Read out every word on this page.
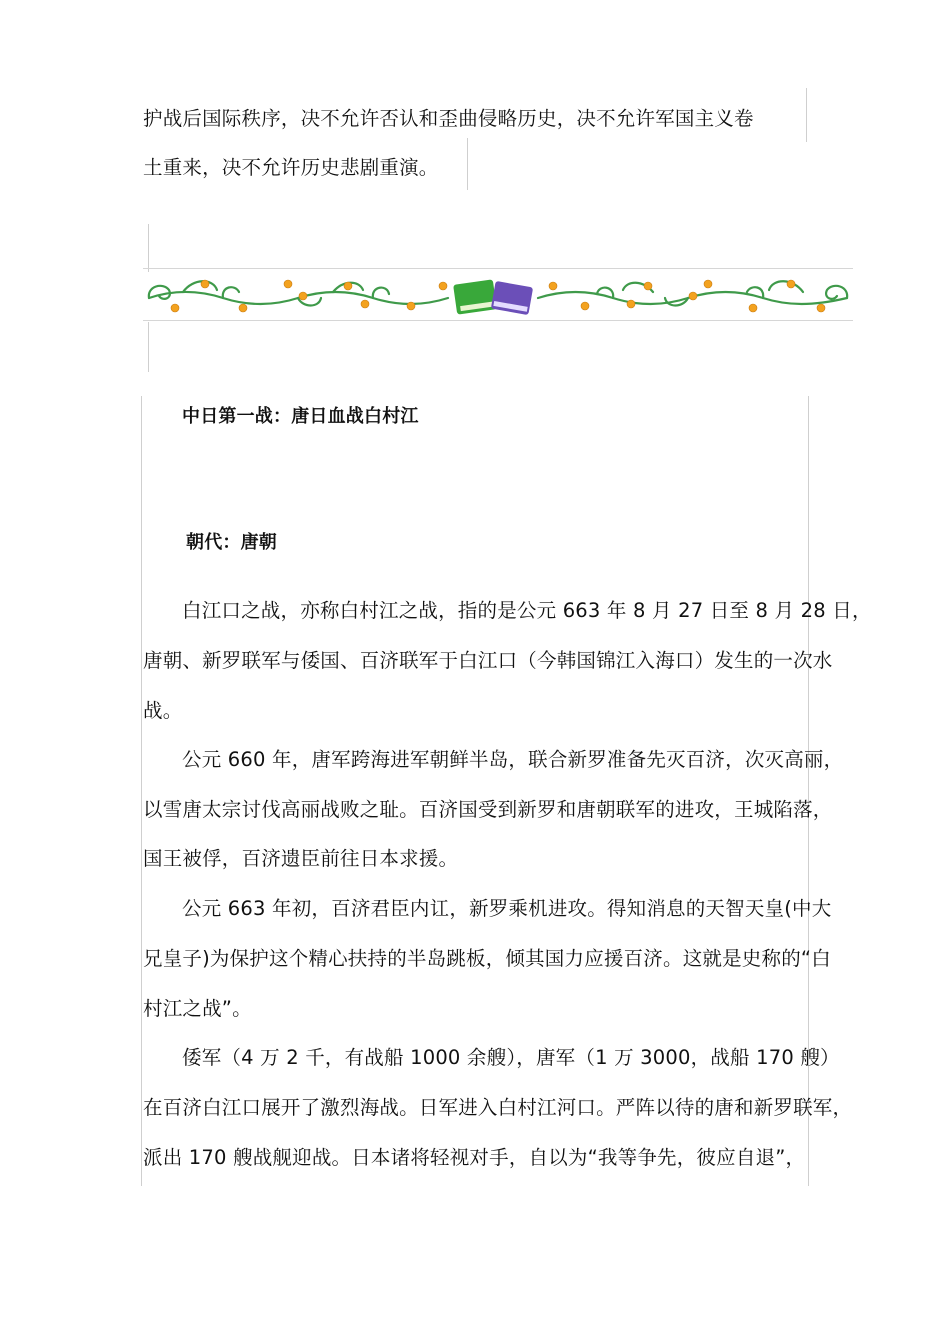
护战后国际秩序，决不允许否认和歪曲侵略历史，决不允许军国主义卷

土重来，决不允许历史悲剧重演。

中日第一战：唐日血战白村江

朝代：唐朝

白江口之战，亦称白村江之战，指的是公元 663 年 8 月 27 日至 8 月 28 日，

唐朝、新罗联军与倭国、百济联军于白江口（今韩国锦江入海口）发生的一次水

战。

公元 660 年，唐军跨海进军朝鲜半岛，联合新罗准备先灭百济，次灭高丽，

以雪唐太宗讨伐高丽战败之耻。百济国受到新罗和唐朝联军的进攻，王城陷落，

国王被俘，百济遗臣前往日本求援。

公元 663 年初，百济君臣内讧，新罗乘机进攻。得知消息的天智天皇(中大

兄皇子)为保护这个精心扶持的半岛跳板，倾其国力应援百济。这就是史称的“白

村江之战”。

倭军（4 万 2 千，有战船 1000 余艘），唐军（1 万 3000，战船 170 艘）

在百济白江口展开了激烈海战。日军进入白村江河口。严阵以待的唐和新罗联军，

派出 170 艘战舰迎战。日本诸将轻视对手，自以为“我等争先，彼应自退”，
